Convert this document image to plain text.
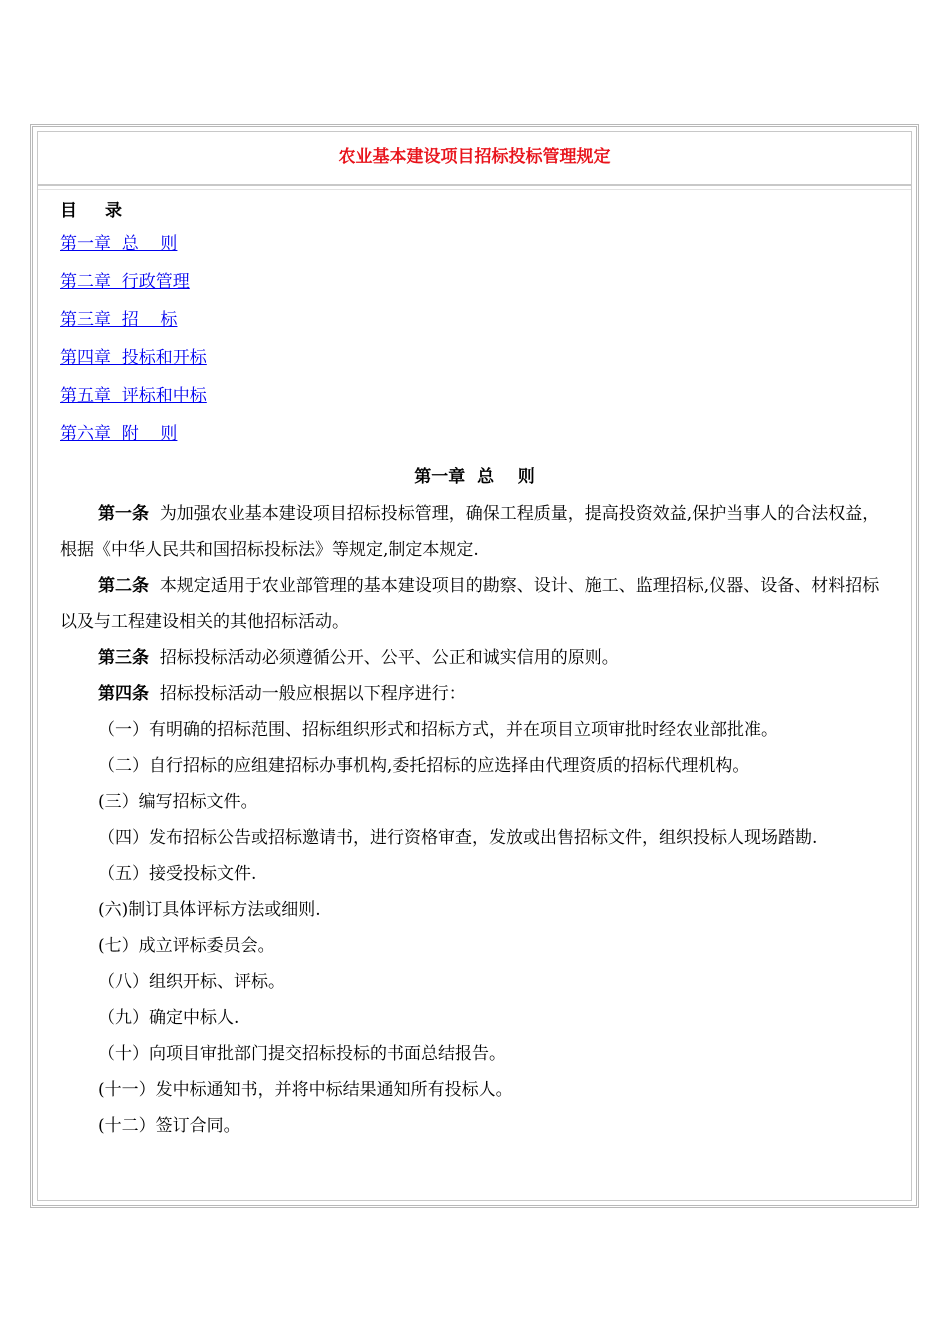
农业基本建设项目招标投标管理规定
目 录
第一章  总    则
第二章  行政管理
第三章  招    标
第四章  投标和开标
第五章  评标和中标
第六章  附    则
第一章  总    则

第一条 为加强农业基本建设项目招标投标管理，确保工程质量，提高投资效益,保护当事人的合法权益，根据《中华人民共和国招标投标法》等规定,制定本规定.

第二条 本规定适用于农业部管理的基本建设项目的勘察、设计、施工、监理招标,仪器、设备、材料招标以及与工程建设相关的其他招标活动。

第三条 招标投标活动必须遵循公开、公平、公正和诚实信用的原则。

第四条 招标投标活动一般应根据以下程序进行：

（一）有明确的招标范围、招标组织形式和招标方式，并在项目立项审批时经农业部批准。

（二）自行招标的应组建招标办事机构,委托招标的应选择由代理资质的招标代理机构。

(三）编写招标文件。

（四）发布招标公告或招标邀请书，进行资格审查，发放或出售招标文件，组织投标人现场踏勘.

（五）接受投标文件.

(六)制订具体评标方法或细则.

(七）成立评标委员会。

（八）组织开标、评标。

（九）确定中标人.

（十）向项目审批部门提交招标投标的书面总结报告。

(十一）发中标通知书，并将中标结果通知所有投标人。

(十二）签订合同。
